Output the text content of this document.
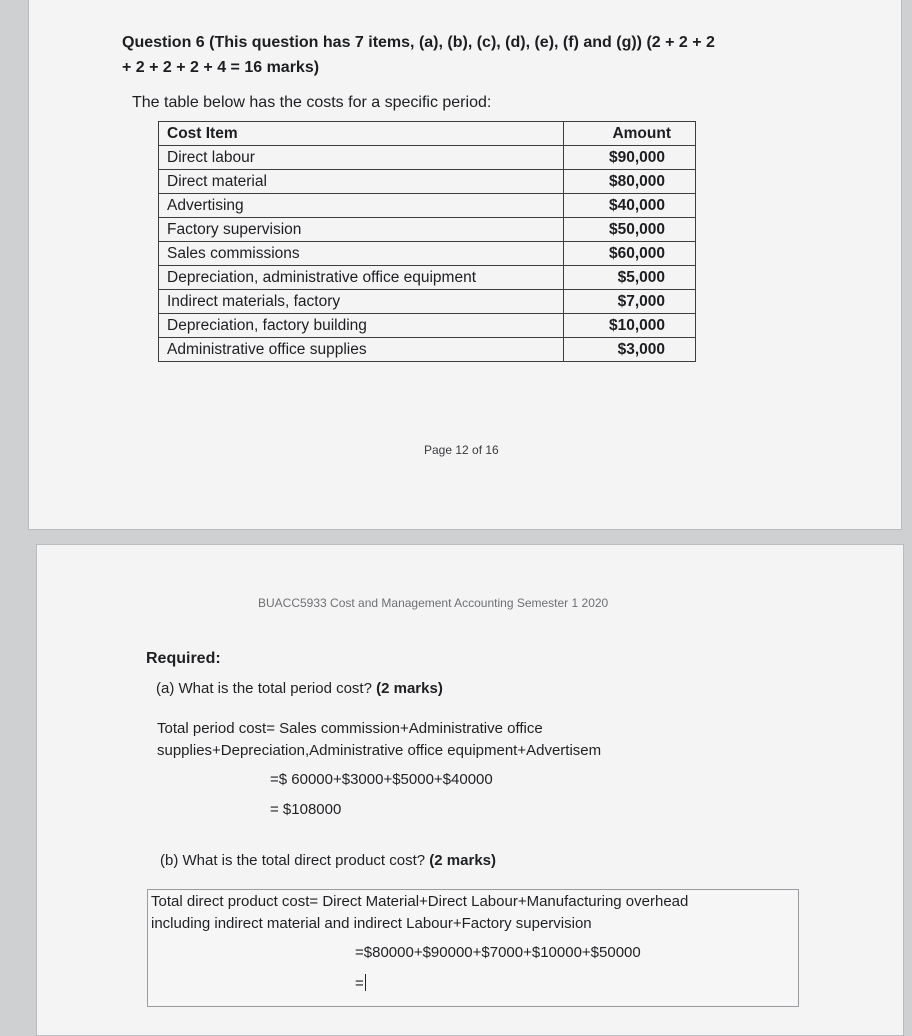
Question 6 (This question has 7 items, (a), (b), (c), (d), (e), (f) and (g)) (2 + 2 + 2
+ 2 + 2 + 2 + 4 = 16 marks)
The table below has the costs for a specific period:
Cost Item	Amount
Direct labour	$90,000
Direct material	$80,000
Advertising	$40,000
Factory supervision	$50,000
Sales commissions	$60,000
Depreciation, administrative office equipment	$5,000
Indirect materials, factory	$7,000
Depreciation, factory building	$10,000
Administrative office supplies	$3,000
Page 12 of 16
BUACC5933 Cost and Management Accounting Semester 1 2020
Required:
(a) What is the total period cost? (2 marks)
Total period cost= Sales commission+Administrative office
supplies+Depreciation,Administrative office equipment+Advertisem
=$ 60000+$3000+$5000+$40000
= $108000
(b) What is the total direct product cost? (2 marks)
Total direct product cost= Direct Material+Direct Labour+Manufacturing overhead
including indirect material and indirect Labour+Factory supervision
=$80000+$90000+$7000+$10000+$50000
=
